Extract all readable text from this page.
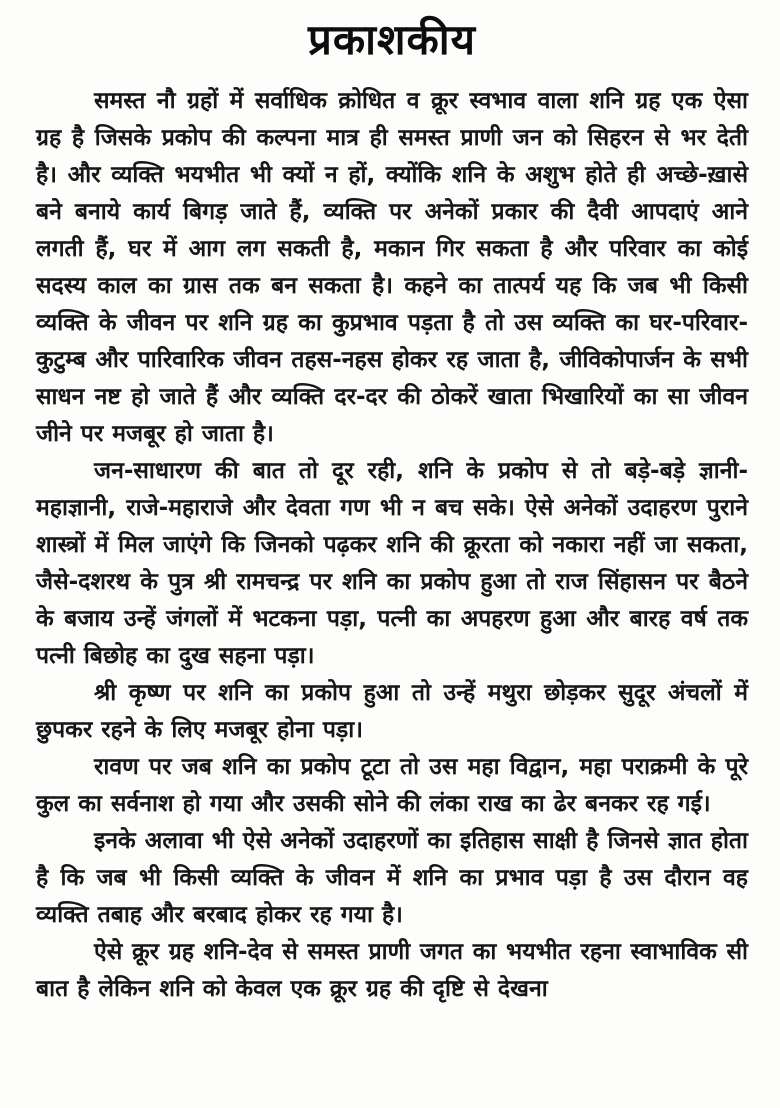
प्रकाशकीय

समस्त नौ ग्रहों में सर्वाधिक क्रोधित व क्रूर स्वभाव वाला शनि ग्रह एक ऐसा ग्रह है जिसके प्रकोप की कल्पना मात्र ही समस्त प्राणी जन को सिहरन से भर देती है। और व्यक्ति भयभीत भी क्यों न हों, क्योंकि शनि के अशुभ होते ही अच्छे-ख़ासे बने बनाये कार्य बिगड़ जाते हैं, व्यक्ति पर अनेकों प्रकार की दैवी आपदाएं आने लगती हैं, घर में आग लग सकती है, मकान गिर सकता है और परिवार का कोई सदस्य काल का ग्रास तक बन सकता है। कहने का तात्पर्य यह कि जब भी किसी व्यक्ति के जीवन पर शनि ग्रह का कुप्रभाव पड़ता है तो उस व्यक्ति का घर-परिवार-कुटुम्ब और पारिवारिक जीवन तहस-नहस होकर रह जाता है, जीविकोपार्जन के सभी साधन नष्ट हो जाते हैं और व्यक्ति दर-दर की ठोकरें खाता भिखारियों का सा जीवन जीने पर मजबूर हो जाता है।

जन-साधारण की बात तो दूर रही, शनि के प्रकोप से तो बड़े-बड़े ज्ञानी-महाज्ञानी, राजे-महाराजे और देवता गण भी न बच सके। ऐसे अनेकों उदाहरण पुराने शास्त्रों में मिल जाएंगे कि जिनको पढ़कर शनि की क्रूरता को नकारा नहीं जा सकता, जैसे-दशरथ के पुत्र श्री रामचन्द्र पर शनि का प्रकोप हुआ तो राज सिंहासन पर बैठने के बजाय उन्हें जंगलों में भटकना पड़ा, पत्नी का अपहरण हुआ और बारह वर्ष तक पत्नी बिछोह का दुख सहना पड़ा।

श्री कृष्ण पर शनि का प्रकोप हुआ तो उन्हें मथुरा छोड़कर सुदूर अंचलों में छुपकर रहने के लिए मजबूर होना पड़ा।

रावण पर जब शनि का प्रकोप टूटा तो उस महा विद्वान, महा पराक्रमी के पूरे कुल का सर्वनाश हो गया और उसकी सोने की लंका राख का ढेर बनकर रह गई।

इनके अलावा भी ऐसे अनेकों उदाहरणों का इतिहास साक्षी है जिनसे ज्ञात होता है कि जब भी किसी व्यक्ति के जीवन में शनि का प्रभाव पड़ा है उस दौरान वह व्यक्ति तबाह और बरबाद होकर रह गया है।

ऐसे क्रूर ग्रह शनि-देव से समस्त प्राणी जगत का भयभीत रहना स्वाभाविक सी बात है लेकिन शनि को केवल एक क्रूर ग्रह की दृष्टि से देखना
